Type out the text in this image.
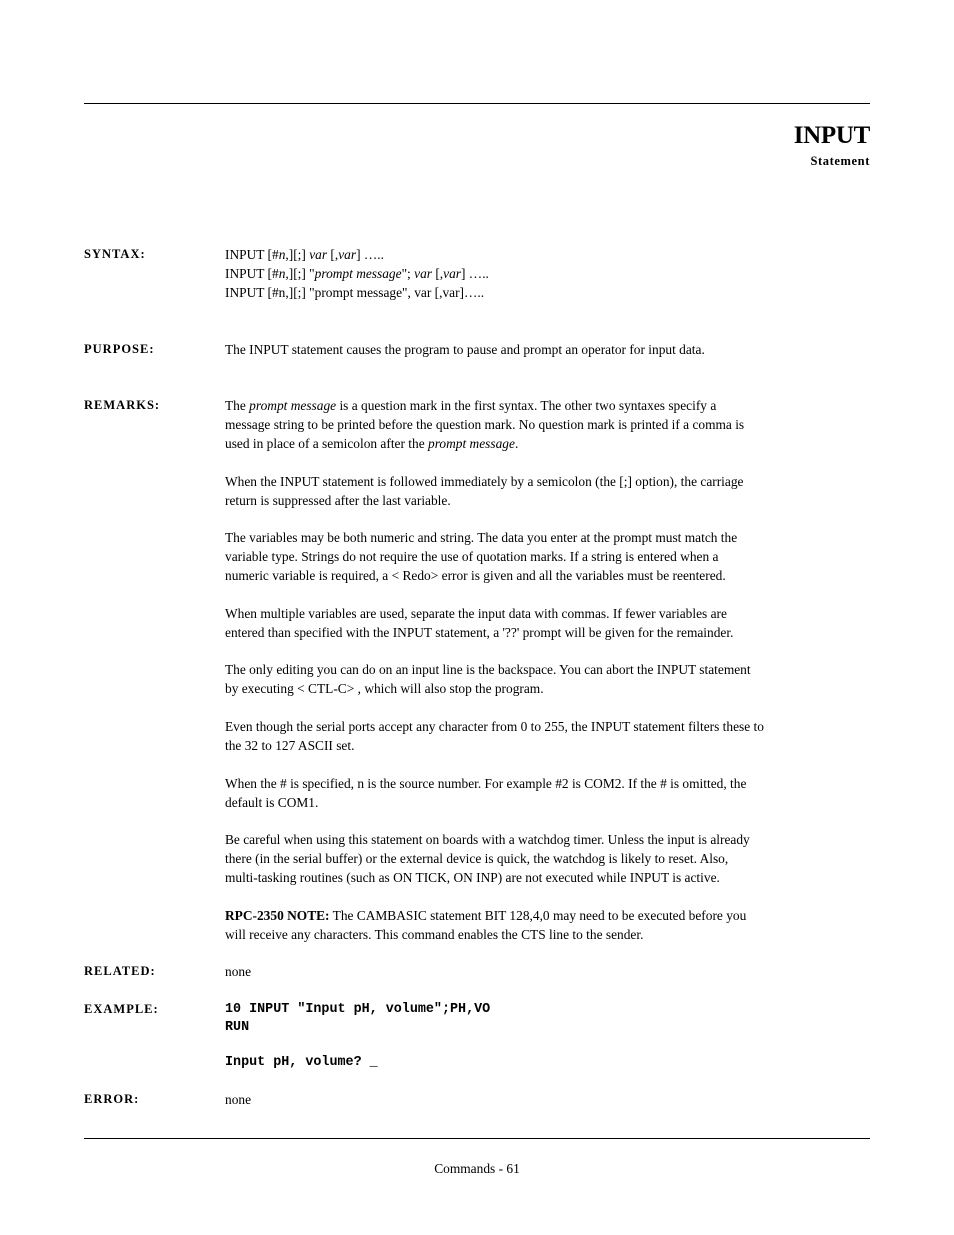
INPUT
Statement
SYNTAX:	INPUT [#n,][;] var [,var] …..
INPUT [#n,][;] "prompt message"; var [,var] …..
INPUT [#n,][;] "prompt message", var [,var]…..
PURPOSE:	The INPUT statement causes the program to pause and prompt an operator for input data.
REMARKS:	The prompt message is a question mark in the first syntax. The other two syntaxes specify a
message string to be printed before the question mark. No question mark is printed if a comma is
used in place of a semicolon after the prompt message.
When the INPUT statement is followed immediately by a semicolon (the [;] option), the carriage
return is suppressed after the last variable.
The variables may be both numeric and string. The data you enter at the prompt must match the
variable type. Strings do not require the use of quotation marks. If a string is entered when a
numeric variable is required, a < Redo> error is given and all the variables must be reentered.
When multiple variables are used, separate the input data with commas. If fewer variables are
entered than specified with the INPUT statement, a '??' prompt will be given for the remainder.
The only editing you can do on an input line is the backspace. You can abort the INPUT statement
by executing < CTL-C> , which will also stop the program.
Even though the serial ports accept any character from 0 to 255, the INPUT statement filters these to
the 32 to 127 ASCII set.
When the # is specified, n is the source number. For example #2 is COM2. If the # is omitted, the
default is COM1.
Be careful when using this statement on boards with a watchdog timer. Unless the input is already
there (in the serial buffer) or the external device is quick, the watchdog is likely to reset. Also,
multi-tasking routines (such as ON TICK, ON INP) are not executed while INPUT is active.
RPC-2350 NOTE: The CAMBASIC statement BIT 128,4,0 may need to be executed before you
will receive any characters. This command enables the CTS line to the sender.
RELATED:	none
EXAMPLE:	10 INPUT "Input pH, volume";PH,VO
RUN
Input pH, volume? _
ERROR:	none
Commands - 61
